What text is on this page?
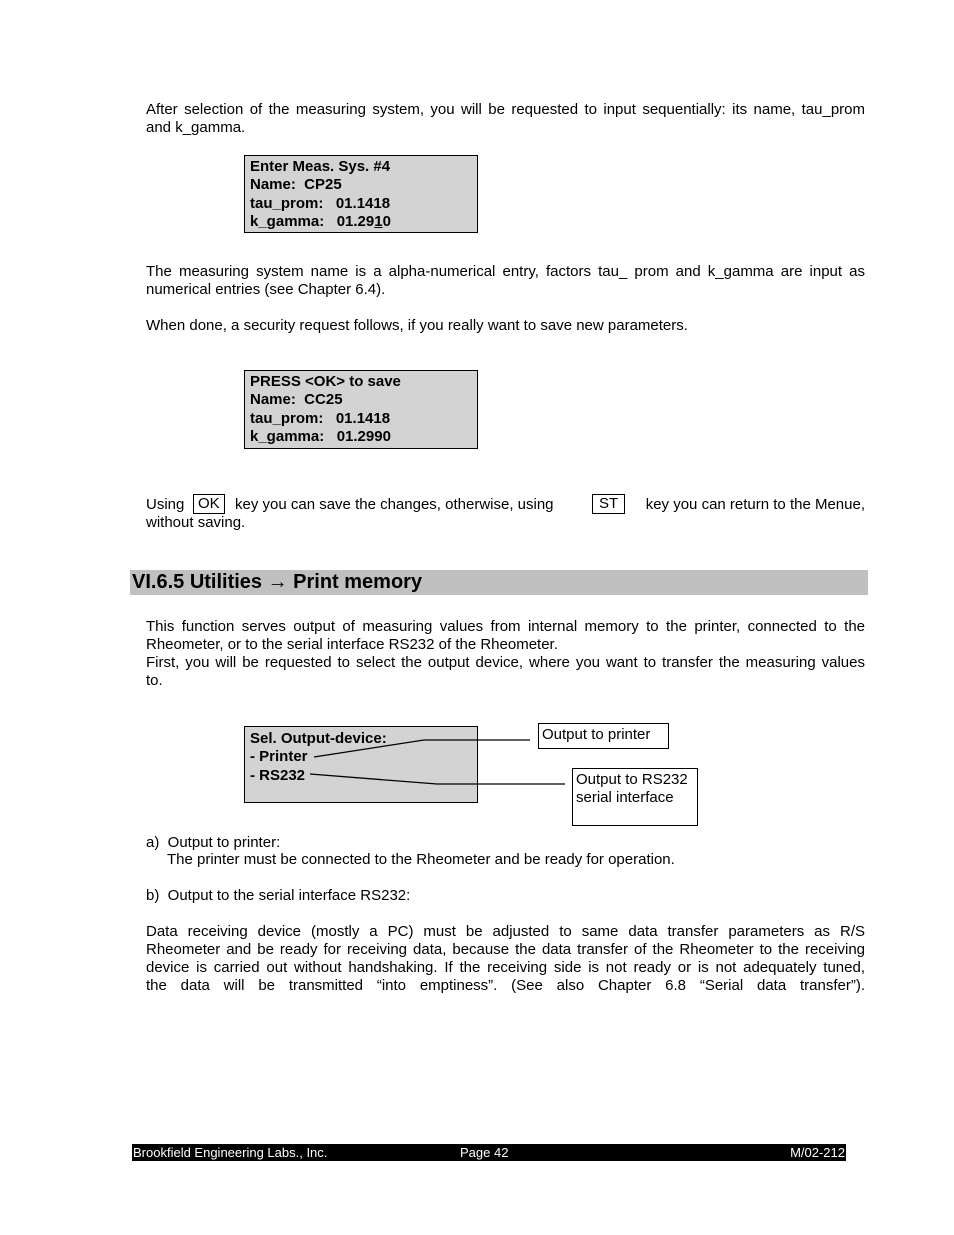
After selection of the measuring system, you will be requested to input sequentially: its name, tau_prom
and k_gamma.

Enter Meas. Sys. #4
Name:  CP25
tau_prom:   01.1418
k_gamma:   01.2910

The measuring system name is a alpha-numerical entry, factors tau_ prom and k_gamma are input as
numerical entries (see Chapter 6.4).

When done, a security request follows, if you really want to save new parameters.

PRESS <OK> to save
Name:  CC25
tau_prom:   01.1418
k_gamma:   01.2990
Using OK	key you can save the changes, otherwise, using	ST	key you can return to the Menue,
without saving.
VI.6.5 Utilities → Print memory

This function serves output of measuring values from internal memory to the printer, connected to the
Rheometer, or to the serial interface RS232 of the Rheometer.
First, you will be requested to select the output device, where you want to transfer the measuring values
to.

Sel. Output-device:
- Printer
- RS232
Output to printer
Output to RS232
serial interface
a)  Output to printer:
The printer must be connected to the Rheometer and be ready for operation.
b)  Output to the serial interface RS232:

Data receiving device (mostly a PC) must be adjusted to same data transfer parameters as R/S
Rheometer and be ready for receiving data, because the data transfer of the Rheometer to the receiving
device is carried out without handshaking. If the receiving side is not ready or is not adequately tuned,
the data will be transmitted “into emptiness”. (See also Chapter 6.8 “Serial data transfer”).

Brookfield Engineering Labs., Inc.	Page 42	M/02-212
